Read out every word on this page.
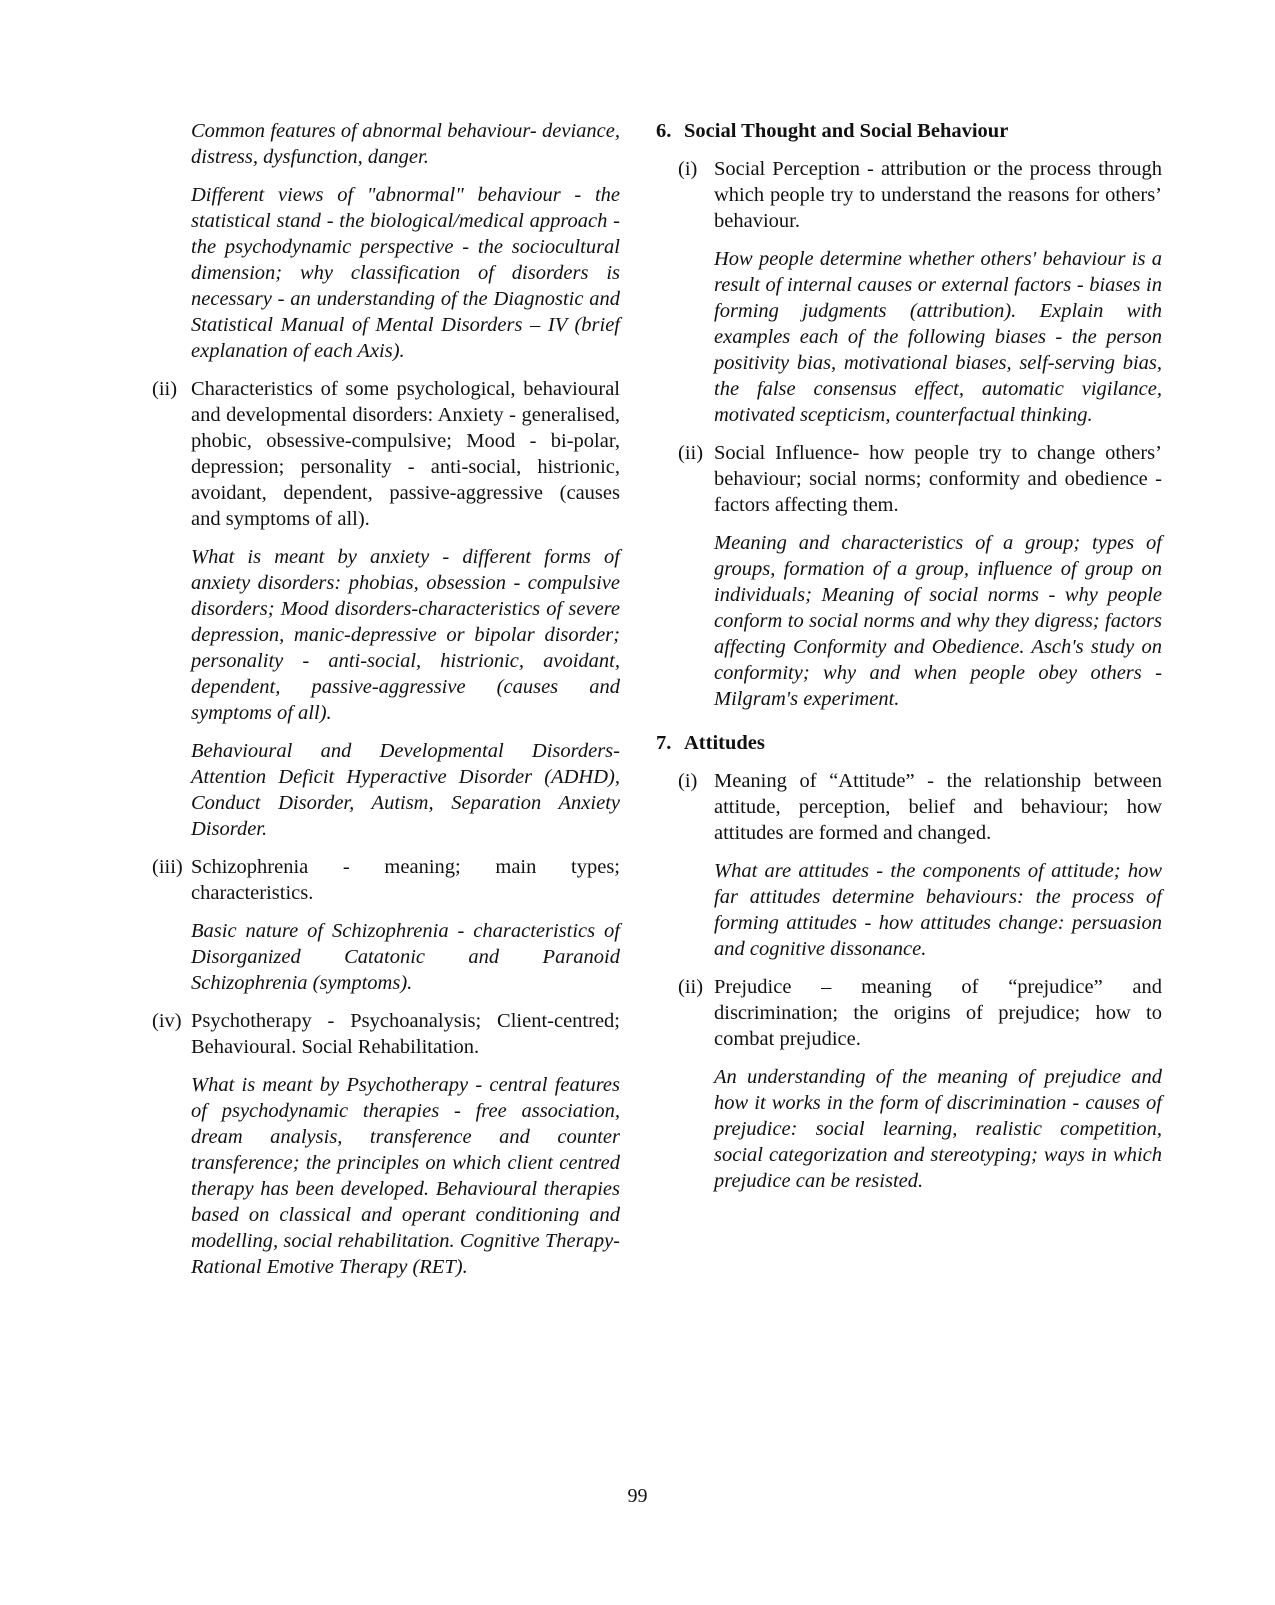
Common features of abnormal behaviour- deviance, distress, dysfunction, danger.

Different views of "abnormal" behaviour - the statistical stand - the biological/medical approach - the psychodynamic perspective - the sociocultural dimension; why classification of disorders is necessary - an understanding of the Diagnostic and Statistical Manual of Mental Disorders – IV (brief explanation of each Axis).

(ii) Characteristics of some psychological, behavioural and developmental disorders: Anxiety - generalised, phobic, obsessive-compulsive; Mood - bi-polar, depression; personality - anti-social, histrionic, avoidant, dependent, passive-aggressive (causes and symptoms of all).

What is meant by anxiety - different forms of anxiety disorders: phobias, obsession - compulsive disorders; Mood disorders-characteristics of severe depression, manic-depressive or bipolar disorder; personality - anti-social, histrionic, avoidant, dependent, passive-aggressive (causes and symptoms of all).

Behavioural and Developmental Disorders- Attention Deficit Hyperactive Disorder (ADHD), Conduct Disorder, Autism, Separation Anxiety Disorder.

(iii) Schizophrenia - meaning; main types; characteristics.

Basic nature of Schizophrenia - characteristics of Disorganized Catatonic and Paranoid Schizophrenia (symptoms).

(iv) Psychotherapy - Psychoanalysis; Client-centred; Behavioural. Social Rehabilitation.

What is meant by Psychotherapy - central features of psychodynamic therapies - free association, dream analysis, transference and counter transference; the principles on which client centred therapy has been developed. Behavioural therapies based on classical and operant conditioning and modelling, social rehabilitation. Cognitive Therapy- Rational Emotive Therapy (RET).

6. Social Thought and Social Behaviour
(i) Social Perception - attribution or the process through which people try to understand the reasons for others’ behaviour.

How people determine whether others' behaviour is a result of internal causes or external factors - biases in forming judgments (attribution). Explain with examples each of the following biases - the person positivity bias, motivational biases, self-serving bias, the false consensus effect, automatic vigilance, motivated scepticism, counterfactual thinking.

(ii) Social Influence- how people try to change others’ behaviour; social norms; conformity and obedience - factors affecting them.

Meaning and characteristics of a group; types of groups, formation of a group, influence of group on individuals; Meaning of social norms - why people conform to social norms and why they digress; factors affecting Conformity and Obedience. Asch's study on conformity; why and when people obey others - Milgram's experiment.

7. Attitudes
(i) Meaning of “Attitude” - the relationship between attitude, perception, belief and behaviour; how attitudes are formed and changed.

What are attitudes - the components of attitude; how far attitudes determine behaviours: the process of forming attitudes - how attitudes change: persuasion and cognitive dissonance.

(ii) Prejudice – meaning of “prejudice” and discrimination; the origins of prejudice; how to combat prejudice.

An understanding of the meaning of prejudice and how it works in the form of discrimination - causes of prejudice: social learning, realistic competition, social categorization and stereotyping; ways in which prejudice can be resisted.

99
